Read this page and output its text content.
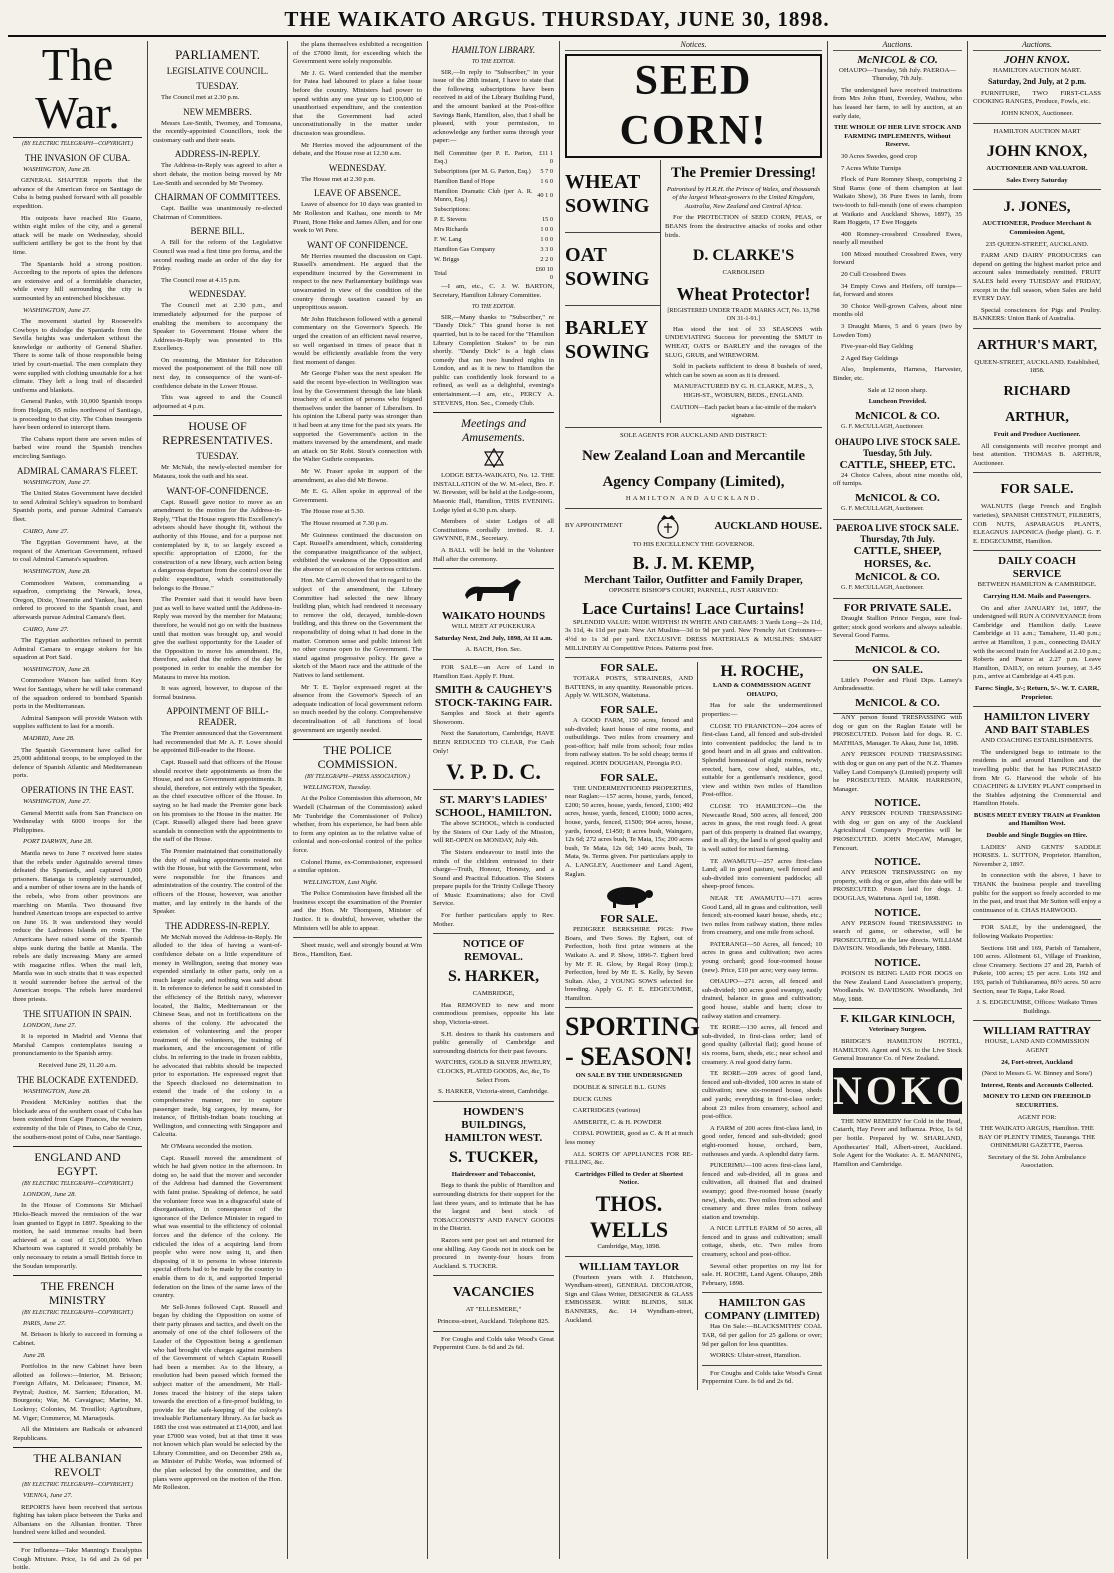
THE WAIKATO ARGUS. THURSDAY, JUNE 30, 1898.
The War.
(BY ELECTRIC TELEGRAPH—COPYRIGHT.)
THE INVASION OF CUBA.

WASHINGTON, June 28.

GENERAL SHAFTER reports that the advance of the American force on Santiago de Cuba is being pushed forward with all possible expedition.

His outposts have reached Rio Guano, within eight miles of the city, and a general attack will be made on Wednesday, should sufficient artillery be got to the front by that time.

The Spaniards hold a strong position. According to the reports of spies the defences are extensive and of a formidable character, while every hill surrounding the city is surmounted by an entrenched blockhouse.

WASHINGTON, June 27.

The movement started by Roosevelt's Cowboys to dislodge the Spaniards from the Sevilla heights was undertaken without the knowledge or authority of General Shafter. There is some talk of those responsible being tried by court-martial. The men complain they were supplied with clothing unsuitable for a hot climate. They left a long trail of discarded uniforms and blankets.

General Panko, with 10,000 Spanish troops from Holguin, 65 miles northwest of Santiago, is proceeding to that city. The Cuban insurgents have been ordered to intercept them.

The Cubans report there are seven miles of barbed wire round the Spanish trenches encircling Santiago.

ADMIRAL CAMARA'S FLEET.

WASHINGTON, June 27.

The United States Government have decided to send Admiral Schley's squadron to bombard Spanish ports, and pursue Admiral Camara's fleet.

CAIRO, June 27.

The Egyptian Government have, at the request of the American Government, refused to coal Admiral Camara's squadron.

WASHINGTON, June 28.

Commodore Watson, commanding a squadron, comprising the Newark, Iowa, Oregon, Dixie, Yosemite and Yankee, has been ordered to proceed to the Spanish coast, and afterwards pursue Admiral Camara's fleet.

CAIRO, June 27.

The Egyptian authorities refused to permit Admiral Camara to engage stokers for his squadron at Port Said.

WASHINGTON, June 28.

Commodore Watson has sailed from Key West for Santiago, where he will take command of the squadron ordered to bombard Spanish ports in the Mediterranean.

Admiral Sampson will provide Watson with supplies sufficient to last for a month.

MADRID, June 28.

The Spanish Government have called for 25,000 additional troops, to be employed in the defence of Spanish Atlantic and Mediterranean ports.

OPERATIONS IN THE EAST.

WASHINGTON, June 27.

General Merritt sails from San Francisco on Wednesday with 6000 troops for the Philippines.

PORT DARWIN, June 28.

Manila news to June 7 received here states that the rebels under Aguinaldo several times defeated the Spaniards, and captured 1,000 prisoners. Batanga is completely surrounded, and a number of other towns are in the hands of the rebels, who from other provinces are marching on Manila. Two thousand five hundred American troops are expected to arrive on June 16. It was understood they would reduce the Ladrones Islands en route. The Americans have raised some of the Spanish ships sunk during the battle at Manila. The rebels are daily increasing. Many are armed with magazine rifles. When the mail left, Manila was in such straits that it was expected it would surrender before the arrival of the American troops. The rebels have murdered three priests.

THE SITUATION IN SPAIN.

LONDON, June 27.

It is reported in Madrid and Vienna that Marshal Campos contemplates issuing a pronunciamento to the Spanish army.

Received June 29, 11.20 a.m.

THE BLOCKADE EXTENDED.

WASHINGTON, June 28.

President McKinley notifies that the blockade area of the southern coast of Cuba has been extended from Cape Frances, the western extremity of the Isle of Pines, to Cabo de Cruz, the southern-most point of Cuba, near Santiago.

ENGLAND AND EGYPT.
(BY ELECTRIC TELEGRAPH—COPYRIGHT.)

LONDON, June 28.

In the House of Commons Sir Michael Hicks-Beach moved the remission of the war loan granted to Egypt in 1897. Speaking to the motion, he said immense results had been achieved at a cost of £1,500,000. When Khartoum was captured it would probably be only necessary to retain a small British force in the Soudan temporarily.

THE FRENCH MINISTRY
(BY ELECTRIC TELEGRAPH—COPYRIGHT.)

PARIS, June 27.

M. Brisson is likely to succeed in forming a Cabinet.

June 28.

Portfolios in the new Cabinet have been allotted as follows:—Interior, M. Brisson; Foreign Affairs, M. Delcassee; Finance, M. Peytral; Justice, M. Sarrien; Education, M. Bourgeois; War, M. Cavaignac; Marine, M. Lockroy; Colonies, M. Trouillot; Agriculture, M. Viger; Commerce, M. Maruejouls.

All the Ministers are Radicals or advanced Republicans.

THE ALBANIAN REVOLT
(BY ELECTRIC TELEGRAPH—COPYRIGHT.)

VIENNA, June 27.

REPORTS have been received that serious fighting has taken place between the Turks and Albanians on the Albanian frontier. Three hundred were killed and wounded.

For Influenza—Take Manning's Eucalyptus Cough Mixture. Price, 1s 6d and 2s 6d per bottle.

PARLIAMENT.
LEGISLATIVE COUNCIL.
TUESDAY.

The Council met at 2.30 p.m.

NEW MEMBERS.

Messrs Lee-Smith, Twomey, and Tomoana, the recently-appointed Councillors, took the customary oath and their seats.

ADDRESS-IN-REPLY.

The Address-in-Reply was agreed to after a short debate, the motion being moved by Mr Lee-Smith and seconded by Mr Twomey.

CHAIRMAN OF COMMITTEES.

Capt. Baillie was unanimously re-elected Chairman of Committees.

BERNE BILL.

A Bill for the reform of the Legislative Council was read a first time pro forma, and the second reading made an order of the day for Friday.

The Council rose at 4.15 p.m.

WEDNESDAY.

The Council met at 2.30 p.m., and immediately adjourned for the purpose of enabling the members to accompany the Speaker to Government House where the Address-in-Reply was presented to His Excellency.

On resuming, the Minister for Education moved the postponement of the Bill now till next day, in consequence of the want-of-confidence debate in the Lower House.

This was agreed to and the Council adjourned at 4 p.m.

HOUSE OF REPRESENTATIVES.
TUESDAY.

Mr McNab, the newly-elected member for Mataura, took the oath and his seat.

WANT-OF-CONFIDENCE.

Capt. Russell gave notice to move as an amendment to the motion for the Address-in-Reply, "That the House regrets His Excellency's advisers should have thought fit, without the authority of this House, and for a purpose not contemplated by it, to so largely exceed a specific appropriation of £2000, for the construction of a new library, such action being a dangerous departure from the control over the public expenditure, which constitutionally belongs to the House."

The Premier said that it would have been just as well to have waited until the Address-in-Reply was moved by the member for Mataura; therefore, he would not go on with the business until that motion was brought up, and would give the earliest opportunity for the Leader of the Opposition to move his amendment. He, therefore, asked that the orders of the day be postponed in order to enable the member for Mataura to move his motion.

It was agreed, however, to dispose of the formal business.

APPOINTMENT OF BILL-READER.

The Premier announced that the Government had recommended that Mr A. F. Lowe should be appointed Bill-reader to the House.

Capt. Russell said that officers of the House should receive their appointments as from the House, and not as Government appointments. It should, therefore, not entirely with the Speaker, as the chief executive officer of the House. In saying so he had made the Premier gone back on his promises to the House in the matter. He (Capt. Russell) alleged there had been grave scandals in connection with the appointments to the staff of the House.

The Premier maintained that constitutionally the duty of making appointments rested not with the House, but with the Government, who were responsible for the finances and administration of the country. The control of the officers of the House, however, was another matter, and lay entirely in the hands of the Speaker.

THE ADDRESS-IN-REPLY.

Mr McNab moved the Address-in-Reply. He alluded to the idea of having a want-of-confidence debate on a little expenditure of money in Wellington, seeing that money was expended similarly in other parts, only on a much larger scale, and nothing was said about it. In reference to defence he said it consisted in the efficiency of the British navy, wherever located, the Baltic, Mediterranean or the Chinese Seas, and not in fortifications on the shores of the colony. He advocated the extension of volunteering and the proper treatment of the volunteers, the training of marksmen, and the encouragement of rifle clubs. In referring to the trade in frozen rabbits, he advocated that rabbits should be inspected prior to exportation. He expressed regret that the Speech disclosed no determination to extend the trade of the colony in a comprehensive manner, nor to capture passenger trade, big cargoes, by means, for instance, of British-Indian boats touching at Wellington, and connecting with Singapore and Calcutta.

Mr O'Meara seconded the motion.

Capt. Russell moved the amendment of which he had given notice in the afternoon. In doing so, he said that the mover and seconder of the Address had damned the Government with faint praise. Speaking of defence, he said the volunteer force was in a disgraceful state of disorganisation, in consequence of the ignorance of the Defence Minister in regard to what was essential to the efficiency of colonial forces and the defence of the colony. He ridiculed the idea of a acquiring land from people who were now using it, and then disposing of it to persons in whose interests special efforts had to be made by the country to enable them to do it, and supported Imperial federation on the lines of the same laws of the country.

Mr Sell-Jones followed Capt. Russell and began by chiding the Opposition on some of their party phrases and tactics, and dwelt on the anomaly of one of the chief followers of the Leader of the Opposition being a gentleman who had brought vile charges against members of the Government of which Captain Russell had been a member. As to the library, a resolution had been passed which formed the subject matter of the amendment, Mr Hall-Jones traced the history of the steps taken towards the erection of a fire-proof building, to provide for the safe-keeping of the colony's invaluable Parliamentary library. As far back as 1883 the cost was estimated at £14,000, and last year £7000 was voted, but at that time it was not known which plan would be selected by the Library Committee, and on December 29th as, as Minister of Public Works, was informed of the plan selected by the committee, and the plans were approved on the motion of the Hon. Mr Rolleston.

the plans themselves exhibited a recognition of the £7000 limit, for exceeding which the Government were solely responsible.

Mr J. G. Ward contended that the member for Patea had laboured to place a false issue before the country. Ministers had power to spend within any one year up to £100,000 of unauthorised expenditure, and the contention that the Government had acted unconstitutionally in the matter under discussion was groundless.

Mr Herries moved the adjournment of the debate, and the House rose at 12.30 a.m.

WEDNESDAY.

The House met at 2.30 p.m.

LEAVE OF ABSENCE.

Leave of absence for 10 days was granted to Mr Rolleston and Kaihau, one month to Mr Pirani, Hone Heke and James Allen, and for one week to Wi Pere.

WANT OF CONFIDENCE.

Mr Herries resumed the discussion on Capt. Russell's amendment. He argued that the expenditure incurred by the Government in respect to the new Parliamentary buildings was unwarranted in view of the condition of the country through taxation caused by an unpropitious season.

Mr John Hutcheson followed with a general commentary on the Governor's Speech. He urged the creation of an efficient naval reserve, so well organised in times of peace that it would be efficiently available from the very first moment of danger.

Mr George Fisher was the next speaker. He said the recent bye-election in Wellington was lost by the Government through the late blank treachery of a section of persons who feigned themselves under the banner of Liberalism. In his opinion the Liberal party was stronger than it had been at any time for the past six years. He supported the Government's action in the matters traversed by the amendment, and made an attack on Sir Robt. Stout's connection with the Walter Guthrie companies.

Mr W. Fraser spoke in support of the amendment, as also did Mr Bowne.

Mr E. G. Allen spoke in approval of the Government.

The House rose at 5.30.

The House resumed at 7.30 p.m.

Mr Guinness continued the discussion on Capt. Russell's amendment, which, considering the comparative insignificance of the subject, exhibited the weakness of the Opposition and the absence of an occasion for serious criticism.

Hon. Mr Carroll showed that in regard to the subject of the amendment, the Library Committee had selected the new library building plan, which had rendered it necessary to remove the old, decayed, tumble-down building, and this threw on the Government the responsibility of doing what it had done in the matter. Common sense and public interest left no other course open to the Government. The stand against progressive policy. He gave a sketch of the Maori race and the attitude of the Natives to land settlement.

Mr T. E. Taylor expressed regret at the absence from the Governor's Speech of an adequate indication of local government reform so much needed by the colony. Comprehensive decentralisation of all functions of local government are urgently needed.

THE POLICE COMMISSION.
(BY TELEGRAPH—PRESS ASSOCIATION.)

WELLINGTON, Tuesday.

At the Police Commission this afternoon, Mr Wardell (Chairman of the Commission) asked Mr Tunbridge the Commissioner of Police) whether, from his experience, he had been able to form any opinion as to the relative value of colonial and non-colonial control of the police force.

Colonel Hume, ex-Commissioner, expressed a similar opinion.

WELLINGTON, Last Night.

The Police Commission have finished all the business except the examination of the Premier and the Hon. Mr Thompson, Minister of Justice. It is doubtful, however, whether the Ministers will be able to appear.

Sheet music, well and strongly bound at Wm Bros., Hamilton, East.

HAMILTON LIBRARY.
TO THE EDITOR.

SIR,—In reply to "Subscriber," in your issue of the 28th instant, I have to state that the following subscriptions have been received in aid of the Library Building Fund, and the amount banked at the Post-office Savings Bank, Hamilton, also, that I shall be pleased, with your permission, to acknowledge any further sums through your paper:—

Bell Committee (per P. E. Parton, Esq.)	£11 1 0
Subscriptions (per M. G. Parton, Esq.)	5 7 0
Hamilton Band of Hope	1 6 0
Hamilton Dramatic Club (per A. R. Munro, Esq.)	40 1 0
Subscriptions:	
P. E. Stevens	15 0
Mrs Richards	1 0 0
F. W. Lang	1 0 0
Hamilton Gas Company	3 3 0
W. Briggs	2 2 0
Total	£60 10 0

—I am, etc., C. J. W. BARTON, Secretary, Hamilton Library Committee.

TO THE EDITOR.

SIR,—Many thanks to "Subscriber," re "Dandy Dick." This grand horse is not quarried, but is to be raced for the "Hamilton Library Completion Stakes" to be run shortly. "Dandy Dick" is a high class comedy that ran two hundred nights in London, and as it is new to Hamilton the public can confidently look forward to a refined, as well as a delightful, evening's entertainment.—I am, etc., PERCY A. STEVENS, Hon. Sec., Comedy Club.

Meetings and Amusements.

LODGE BETA-WAIKATO, No. 12. THE INSTALLATION of the W. M.-elect, Bro. F. W. Brewster, will be held at the Lodge-room, Masonic Hall, Hamilton, THIS EVENING. Lodge tyled at 6.30 p.m. sharp.

Members of sister Lodges of all Constitutions cordially invited. R. J. GWYNNE, P.M., Secretary.

A BALL will be held in the Volunteer Hall after the ceremony.

WAIKATO HOUNDS

WILL MEET AT PUKEKURA

Saturday Next, 2nd July, 1898, At 11 a.m.

A. BACH, Hon. Sec.

FOR SALE—an Acre of Land in Hamilton East. Apply F. Hunt.

SMITH & CAUGHEY'S STOCK-TAKING FAIR.

Samples and Stock at their agent's Showroom.

Next the Sanatorium, Cambridge, HAVE BEEN REDUCED TO CLEAR, For Cash Only!

V. P. D. C.
ST. MARY'S LADIES' SCHOOL, HAMILTON.

The above SCHOOL, which is conducted by the Sisters of Our Lady of the Mission, will RE-OPEN on MONDAY, July 4th.

The Sisters endeavour to instil into the minds of the children entrusted to their charge—Truth, Honour, Honesty, and a Sound and Practical Education. The Sisters prepare pupils for the Trinity College Theory of Music Examinations; also for Civil Service.

For further particulars apply to Rev. Mother.

NOTICE OF REMOVAL.
S. HARKER,

CAMBRIDGE,

Has REMOVED to new and more commodious premises, opposite his late shop, Victoria-street.

S.H. desires to thank his customers and public generally of Cambridge and surrounding districts for their past favours.

WATCHES, GOLD & SILVER JEWELRY, CLOCKS, PLATED GOODS, &c, &c, To Select From.

S. HARKER, Victoria-street, Cambridge.

HOWDEN'S BUILDINGS, HAMILTON WEST.
S. TUCKER,

Hairdresser and Tobacconist,

Begs to thank the public of Hamilton and surrounding districts for their support for the last three years, and to intimate that he has the largest and best stock of TOBACCONISTS' AND FANCY GOODS in the District.

Razors sent per post set and returned for one shilling. Any Goods not in stock can be procured in twenty-four hours from Auckland. S. TUCKER.

VACANCIES

AT "ELLESMERE,"

Princess-street, Auckland. Telephone 825.

For Coughs and Colds take Wood's Great Peppermint Cure. Is 6d and 2s 6d.

Notices.
SEED CORN!
WHEAT SOWING
OAT SOWING
BARLEY SOWING
The Premier Dressing!

Patronised by H.R.H. the Prince of Wales, and thousands of the largest Wheat-growers in the United Kingdom, Australia, New Zealand and Central Africa.

For the PROTECTION of SEED CORN, PEAS, or BEANS from the destructive attacks of rooks and other birds.

D. CLARKE'S

CARBOLISED

Wheat Protector!

[REGISTERED UNDER TRADE MARKS ACT, No. 13,798 ON 31-1-91.]

Has stood the test of 33 SEASONS with UNDEVIATING Success for preventing the SMUT in WHEAT, OATS or BARLEY and the ravages of the SLUG, GRUB, and WIREWORM.

Sold in packets sufficient to dress 8 bushels of seed, which can be sown as soon as it is dressed.

MANUFACTURED BY G. H. CLARKE, M.P.S., 3, HIGH-ST., WOBURN, BEDS., ENGLAND.

CAUTION—Each packet bears a fac-simile of the maker's signature.

SOLE AGENTS FOR AUCKLAND AND DISTRICT:

New Zealand Loan and Mercantile Agency Company (Limited),

HAMILTON AND AUCKLAND.

BY APPOINTMENT	AUCKLAND HOUSE.

TO HIS EXCELLENCY THE GOVERNOR.

B. J. M. KEMP,
Merchant Tailor, Outfitter and Family Draper,

OPPOSITE BISHOP'S COURT, PARNELL, JUST ARRIVED:

Lace Curtains! Lace Curtains!

SPLENDID VALUE: WIDE WIDTHS! IN WHITE AND CREAMS: 3 Yards Long—2s 11d, 3s 11d, 4s 11d per pair. New Art Muslins—3d to 9d per yard. New Frenchy Art Cretonnes—4½d to 1s 3d per yard. EXCLUSIVE DRESS MATERIALS & MUSLINS: SMART MILLINERY At Competitive Prices. Patterns post free.

FOR SALE.

TOTARA POSTS, STRAINERS, AND BATTENS, in any quantity. Reasonable prices. Apply W. WILSON, Waitetuna.

FOR SALE.

A GOOD FARM, 150 acres, fenced and sub-divided; kauri house of nine rooms, and outbuildings. Two miles from creamery and post-office; half mile from school; four miles from railway station. To be sold cheap; terms if required. JOHN DOUGHAN, Pirongia P.O.

FOR SALE.

THE UNDERMENTIONED PROPERTIES, near Raglan:—157 acres, house, yards, fenced, £200; 50 acres, house, yards, fenced, £100; 492 acres, house, yards, fenced, £1000; 1000 acres, house, yards, fenced, £1500; 964 acres, house, yards, fenced, £1450; 8 acres bush, Waingaro, 12s 6d; 272 acres bush, Te Mata, 15s; 200 acres bush, Te Mata, 12s 6d; 140 acres bush, Te Mata, 9s. Terms given. For particulars apply to A. LANGLEY, Auctioneer and Land Agent, Raglan.

FOR SALE.

PEDIGREE BERKSHIRE PIGS: Five Boars, and Two Sows. By Egbert, out of Perfection, both first prize winners at the Waikato A. and P. Show, 1896-7. Egbert bred by Mr F. R. Glow, by Regal Rosy (imp.); Perfection, bred by Mr E. S. Kelly, by Seven Sultan. Also, 2 YOUNG SOWS selected for breeding. Apply G. F. E. EDGECUMBE, Hamilton.

SPORTING - SEASON!

ON SALE BY THE UNDERSIGNED

DOUBLE & SINGLE B.L. GUNS

DUCK GUNS

CARTRIDGES (various)

AMBERITE, C. & H. POWDER

COPAL POWDER, good as C. & H at much less money

ALL SORTS OF APPLIANCES FOR RE-FILLING, &c.

Cartridges Filled to Order at Shortest Notice.

THOS. WELLS

Cambridge, May, 1898.

WILLIAM TAYLOR

(Fourteen years with J. Hutcheson, Wyndham-street), GENERAL DECORATOR, Sign and Glass Writer, DESIGNER & GLASS EMBOSSER. WIRE BLINDS, SILK BANNERS, &c. 14 Wyndham-street, Auckland.

H. ROCHE,

LAND & COMMISSION AGENT OHAUPO,

Has for sale the undermentioned properties:—

CLOSE TO FRANKTON—204 acres of first-class Land, all fenced and sub-divided into convenient paddocks; the land is in good heart and in all grass and cultivation. Splendid homestead of eight rooms, newly erected, barn, cow shed, stables, etc., suitable for a gentleman's residence, good view and within two miles of Hamilton Post-office.

CLOSE TO HAMILTON—On the Newcastle Road, 500 acres, all fenced, 200 acres in grass, the rest rough feed. A great part of this property is drained flat swampy, and in all dry, the land is of good quality and is well suited for mixed farming.

TE AWAMUTU—257 acres first-class Land; all in good pasture, well fenced and sub-divided into convenient paddocks; all sheep-proof fences.

NEAR TE AWAMUTU—171 acres Good Land, all in grass and cultivation, well fenced; six-roomed kauri house, sheds, etc.; two miles from railway station, three miles from creamery, and one mile from school.

PATERANGI—50 Acres, all fenced; 10 acres in grass and cultivation; two acres young orchard; good four-roomed house (new). Price, £10 per acre; very easy terms.

OHAUPO—271 acres, all fenced and sub-divided; 100 acres good swampy, easily drained, balance in grass and cultivation; good house, stable and barn; close to railway station and creamery.

TE RORE—130 acres, all fenced and sub-divided, in first-class order; land of good quality (alluvial flat); good house of six rooms, barn, sheds, etc.; near school and creamery. A real good dairy farm.

TE RORE—209 acres of good land, fenced and sub-divided, 100 acres in state of cultivation; new six-roomed house, sheds and yards; everything in first-class order; about 23 miles from creamery, school and post-office.

A FARM of 200 acres first-class land, in good order, fenced and sub-divided; good eight-roomed house, orchard, barn, outhouses and yards. A splendid dairy farm.

PUKERIMU—100 acres first-class land, fenced and sub-divided, all in grass and cultivation, all drained flat and drained swampy; good five-roomed house (nearly new), sheds, etc. Two miles from school and creamery and three miles from railway station and township.

A NICE LITTLE FARM of 50 acres, all fenced and in grass and cultivation; small cottage, sheds, etc. Two miles from creamery, school and post-office.

Several other properties on my list for sale. H. ROCHE, Land Agent. Ohaupo, 28th February, 1898.

HAMILTON GAS COMPANY (LIMITED)

Has On Sale:—BLACKSMITHS' COAL TAR, 6d per gallon for 25 gallons or over; 9d per gallon for less quantities.

WORKS: Ulster-street, Hamilton.

For Coughs and Colds take Wood's Great Peppermint Cure. Is 6d and 2s 6d.

Auctions.
McNICOL & CO.

OHAUPO—Tuesday, 5th July. PAEROA—Thursday, 7th July.

The undersigned have received instructions from Mrs John Hunt, Eversley, Waihou, who has leased her farm, to sell by auction, at an early date,

THE WHOLE OF HER LIVE STOCK AND FARMING IMPLEMENTS, Without Reserve.

30 Acres Swedes, good crop

7 Acres White Turnips

Flock of Pure Romney Sheep, comprising 2 Stud Rams (one of them champion at last Waikato Show), 36 Pure Ewes in lamb, from two-tooth to full-mouth (one of ewes champion at Waikato and Auckland Shows, 1897), 35 Ram Hoggets, 17 Ewe Hoggets

400 Romney-crossbred Crossbred Ewes, nearly all mouthed

100 Mixed mouthed Crossbred Ewes, very forward

20 Cull Crossbred Ewes

34 Empty Cows and Heifers, off turnips—fat, forward and stores

30 Choice Well-grown Calves, about nine months old

3 Draught Mares, 5 and 6 years (two by Lowden Tom)

Five-year-old Bay Gelding

2 Aged Bay Geldings

Also, Implements, Harness, Harvester, Binder, etc.

Sale at 12 noon sharp.

Luncheon Provided.

McNICOL & CO.

G. F. McCULLAGH, Auctioneer.

OHAUPO LIVE STOCK SALE.
Tuesday, 5th July.
CATTLE, SHEEP, ETC.

24 Choice Calves, about nine months old, off turnips.

McNICOL & CO.

G. F. McCULLAGH, Auctioneer.

PAEROA LIVE STOCK SALE.
Thursday, 7th July.
CATTLE, SHEEP, HORSES, &c.
McNICOL & CO.

G. F. McCULLAGH, Auctioneer.

FOR PRIVATE SALE.

Draught Stallion Prince Fergus, sure foal-getter; stock good workers and always saleable. Several Good Farms.

McNICOL & CO.
ON SALE.

Little's Powder and Fluid Dips. Lamey's Ambradessette.

McNICOL & CO.

ANY person found TRESPASSING with dog or gun on the Raglan Estate will be PROSECUTED. Poison laid for dogs. R. C. MATHIAS, Manager. Te Akau, June 1st, 1898.

ANY PERSON FOUND TRESPASSING with dog or gun on any part of the N.Z. Thames Valley Land Company's (Limited) property will be PROSECUTED. MARK HARRISON, Manager.

NOTICE.

ANY PERSON FOUND TRESPASSING with dog or gun on any of the Auckland Agricultural Company's Properties will be PROSECUTED. JOHN McCAW, Manager, Fencourt.

NOTICE.

ANY PERSON TRESPASSING on my property, with dog or gun, after this date will be PROSECUTED. Poison laid for dogs. J. DOUGLAS, Waitetuna. April 1st, 1898.

NOTICE.

ANY PERSON found TRESPASSING in search of game, or otherwise, will be PROSECUTED, as the law directs. WILLIAM DAVISON. Woodlands, 9th February, 1888.

NOTICE.

POISON IS BEING LAID FOR DOGS on the New Zealand Land Association's property, Woodlands. W. DAVIDSON. Woodlands, 3rd May, 1888.

F. KILGAR KINLOCH,

Veterinary Surgeon.

BRIDGE'S HAMILTON HOTEL, HAMILTON. Agent and V.S. to the Live Stock General Insurance Co. of New Zealand.

NOKO

THE NEW REMEDY for Cold in the Head, Catarrh, Hay Fever and Influenza. Price, 1s 6d per bottle. Prepared by W. SHARLAND, Apothecaries' Hall, Albert-street, Auckland. Sole Agent for the Waikato: A. E. MANNING, Hamilton and Cambridge.

Auctions.
JOHN KNOX.

HAMILTON AUCTION MART.

Saturday, 2nd July, at 2 p.m.

FURNITURE, TWO FIRST-CLASS COOKING RANGES, Produce, Fowls, etc.

JOHN KNOX, Auctioneer.

HAMILTON AUCTION MART

JOHN KNOX,

AUCTIONEER AND VALUATOR.

Sales Every Saturday

J. JONES,

AUCTIONEER, Produce Merchant & Commission Agent,

235 QUEEN-STREET, AUCKLAND.

FARM AND DAIRY PRODUCERS can depend on getting the highest market price and account sales immediately remitted. FRUIT SALES held every TUESDAY and FRIDAY, except in the full season, when Sales are held EVERY DAY.

Special consciences for Pigs and Poultry. BANKERS: Union Bank of Australia.

ARTHUR'S MART,

QUEEN-STREET, AUCKLAND. Established, 1858.

RICHARD ARTHUR,

Fruit and Produce Auctioneer.

All consignments will receive prompt and best attention. THOMAS B. ARTHUR, Auctioneer.

FOR SALE.

WALNUTS (large French and English varieties), SPANISH CHESTNUT, FILBERTS, COB NUTS, ASPARAGUS PLANTS, ELEAGNUS JAPONICA (hedge plant). G. F. E. EDGECUMBE, Hamilton.

DAILY COACH SERVICE

BETWEEN HAMILTON & CAMBRIDGE.

Carrying H.M. Mails and Passengers.

On and after JANUARY 1st, 1897, the undersigned will RUN A CONVEYANCE from Cambridge and Hamilton daily. Leave Cambridge at 11 a.m.; Tamahere, 11.40 p.m.; arrive at Hamilton, 1 p.m., connecting DAILY with the second train for Auckland at 2.10 p.m.; Roberts and Pearce at 2.27 p.m. Leave Hamilton, DAILY, on return journey, at 3.45 p.m., arrive at Cambridge at 4.45 p.m.

Fares: Single, 3/-; Return, 5/-. W. T. CARR, Proprietor.

HAMILTON LIVERY AND BAIT STABLES

AND COACHING ESTABLISHMENTS.

The undersigned begs to intimate to the residents in and around Hamilton and the travelling public that he has PURCHASED from Mr G. Harwood the whole of his COACHING & LIVERY PLANT comprised in the Stables adjoining the Commercial and Hamilton Hotels.

BUSES MEET EVERY TRAIN at Frankton and Hamilton West.

Double and Single Buggies on Hire.

LADIES' AND GENTS' SADDLE HORSES. L. SUTTON, Proprietor. Hamilton, November 2, 1897.

In connection with the above, I have to THANK the business people and travelling public for the support so freely accorded to me in the past, and trust that Mr Sutton will enjoy a continuance of it. CHAS HARWOOD.

FOR SALE, by the undersigned, the following Waikato Properties:

Sections 168 and 169, Parish of Tamahere, 100 acres. Allotment 61, Village of Frankton, close Creamery. Sections 27 and 28, Parish of Pukete, 100 acres; £5 per acre. Lots 192 and 193, parish of Tuhikaramea, 80½ acres. 50 acre Section, near Te Rapa, Lake Road.

J. S. EDGECUMBE, Offices: Waikato Times Buildings.

WILLIAM RATTRAY

HOUSE, LAND AND COMMISSION AGENT

24, Fort-street, Auckland

(Next to Messrs G. W. Binney and Sons')

Interest, Rents and Accounts Collected.

MONEY TO LEND ON FREEHOLD SECURITIES.

AGENT FOR:

THE WAIKATO ARGUS, Hamilton. THE BAY OF PLENTY TIMES, Tauranga. THE OHINEMURI GAZETTE, Paeroa.

Secretary of the St. John Ambulance Association.
